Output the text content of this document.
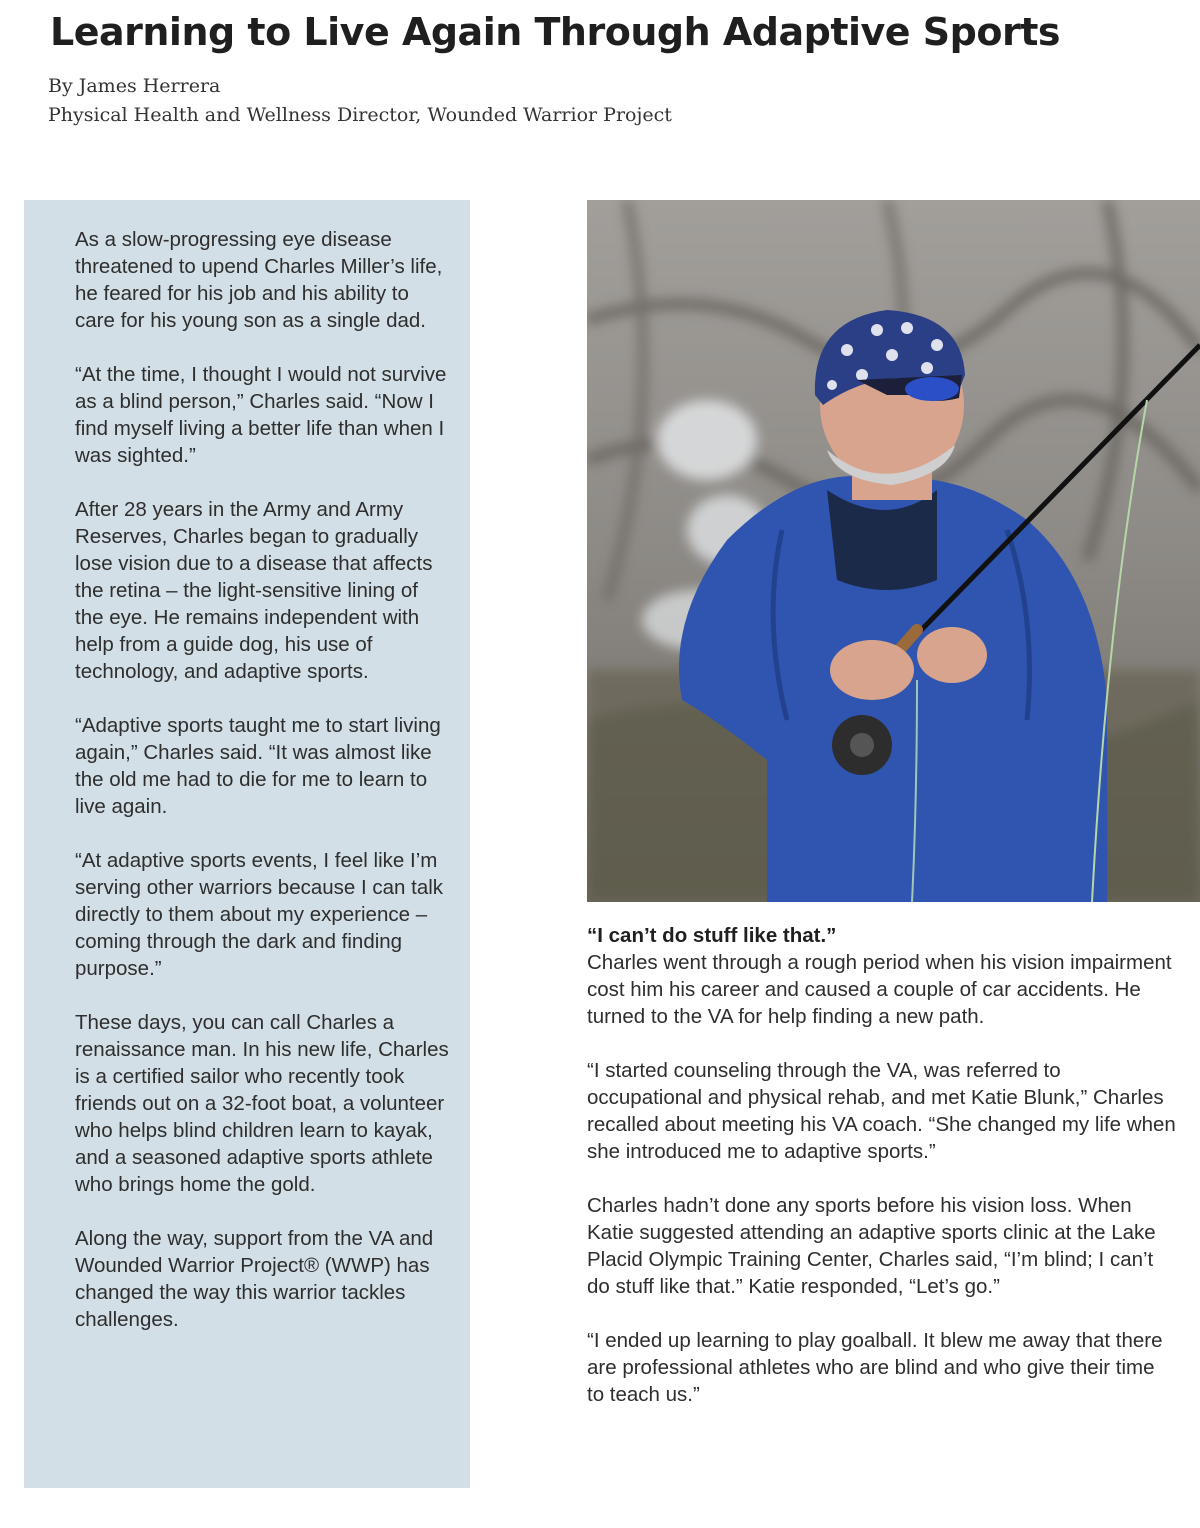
Learning to Live Again Through Adaptive Sports
By James Herrera
Physical Health and Wellness Director, Wounded Warrior Project

As a slow-progressing eye disease threatened to upend Charles Miller’s life, he feared for his job and his ability to care for his young son as a single dad.

“At the time, I thought I would not survive as a blind person,” Charles said. “Now I find myself living a better life than when I was sighted.”

After 28 years in the Army and Army Reserves, Charles began to gradually lose vision due to a disease that affects the retina – the light-sensitive lining of the eye. He remains independent with help from a guide dog, his use of technology, and adaptive sports.

“Adaptive sports taught me to start living again,” Charles said. “It was almost like the old me had to die for me to learn to live again.

“At adaptive sports events, I feel like I’m serving other warriors because I can talk directly to them about my experience – coming through the dark and finding purpose.”

These days, you can call Charles a renaissance man. In his new life, Charles is a certified sailor who recently took friends out on a 32-foot boat, a volunteer who helps blind children learn to kayak, and a seasoned adaptive sports athlete who brings home the gold.

Along the way, support from the VA and Wounded Warrior Project® (WWP) has changed the way this warrior tackles challenges.

“I can’t do stuff like that.”

Charles went through a rough period when his vision impairment cost him his career and caused a couple of car accidents. He turned to the VA for help finding a new path.

“I started counseling through the VA, was referred to occupational and physical rehab, and met Katie Blunk,” Charles recalled about meeting his VA coach. “She changed my life when she introduced me to adaptive sports.”

Charles hadn’t done any sports before his vision loss. When Katie suggested attending an adaptive sports clinic at the Lake Placid Olympic Training Center, Charles said, “I’m blind; I can’t do stuff like that.” Katie responded, “Let’s go.”

“I ended up learning to play goalball. It blew me away that there are professional athletes who are blind and who give their time to teach us.”
